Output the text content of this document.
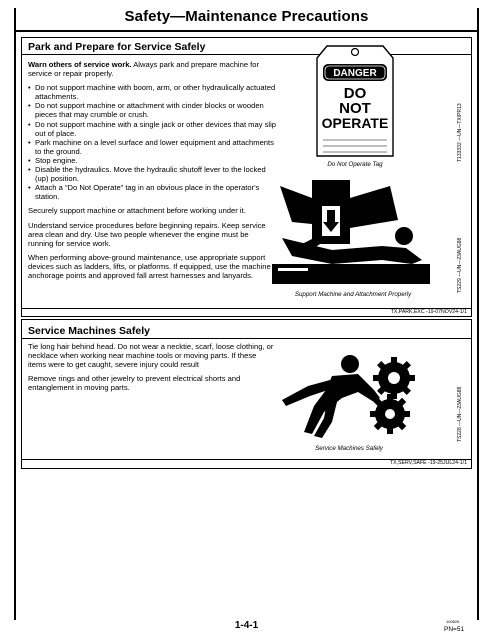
Safety—Maintenance Precautions
Park and Prepare for Service Safely

Warn others of service work. Always park and prepare machine for service or repair properly.

• Do not support machine with boom, arm, or other hydraulically actuated attachments.
• Do not support machine or attachment with cinder blocks or wooden pieces that may crumble or crush.
• Do not support machine with a single jack or other devices that may slip out of place.
• Park machine on a level surface and lower equipment and attachments to the ground.
• Stop engine.
• Disable the hydraulics. Move the hydraulic shutoff lever to the locked (up) position.
• Attach a “Do Not Operate” tag in an obvious place in the operator's station.

Securely support machine or attachment before working under it.

Understand service procedures before beginning repairs. Keep service area clean and dry. Use two people whenever the engine must be running for service work.

When performing above-ground maintenance, use appropriate support devices such as ladders, lifts, or platforms. If equipped, use the machine anchorage points and approved fall arrest harnesses and lanyards.

DANGER
DO
NOT
OPERATE
Do Not Operate Tag
T133332 —UN—TX/PR13
Support Machine and Attachment Properly
TS229 —UN—23AUG88
TX,PARK,EXC -19-07NOV24-1/1
Service Machines Safely

Tie long hair behind head. Do not wear a necktie, scarf, loose clothing, or necklace when working near machine tools or moving parts. If these items were to get caught, severe injury could result

Remove rings and other jewelry to prevent electrical shorts and entanglement in moving parts.

Service Machines Safely
TS228 —UN—23AUG88
TX,SERV,SAFE -19-25JUL24-1/1
100826
1-4-1	PN=51
